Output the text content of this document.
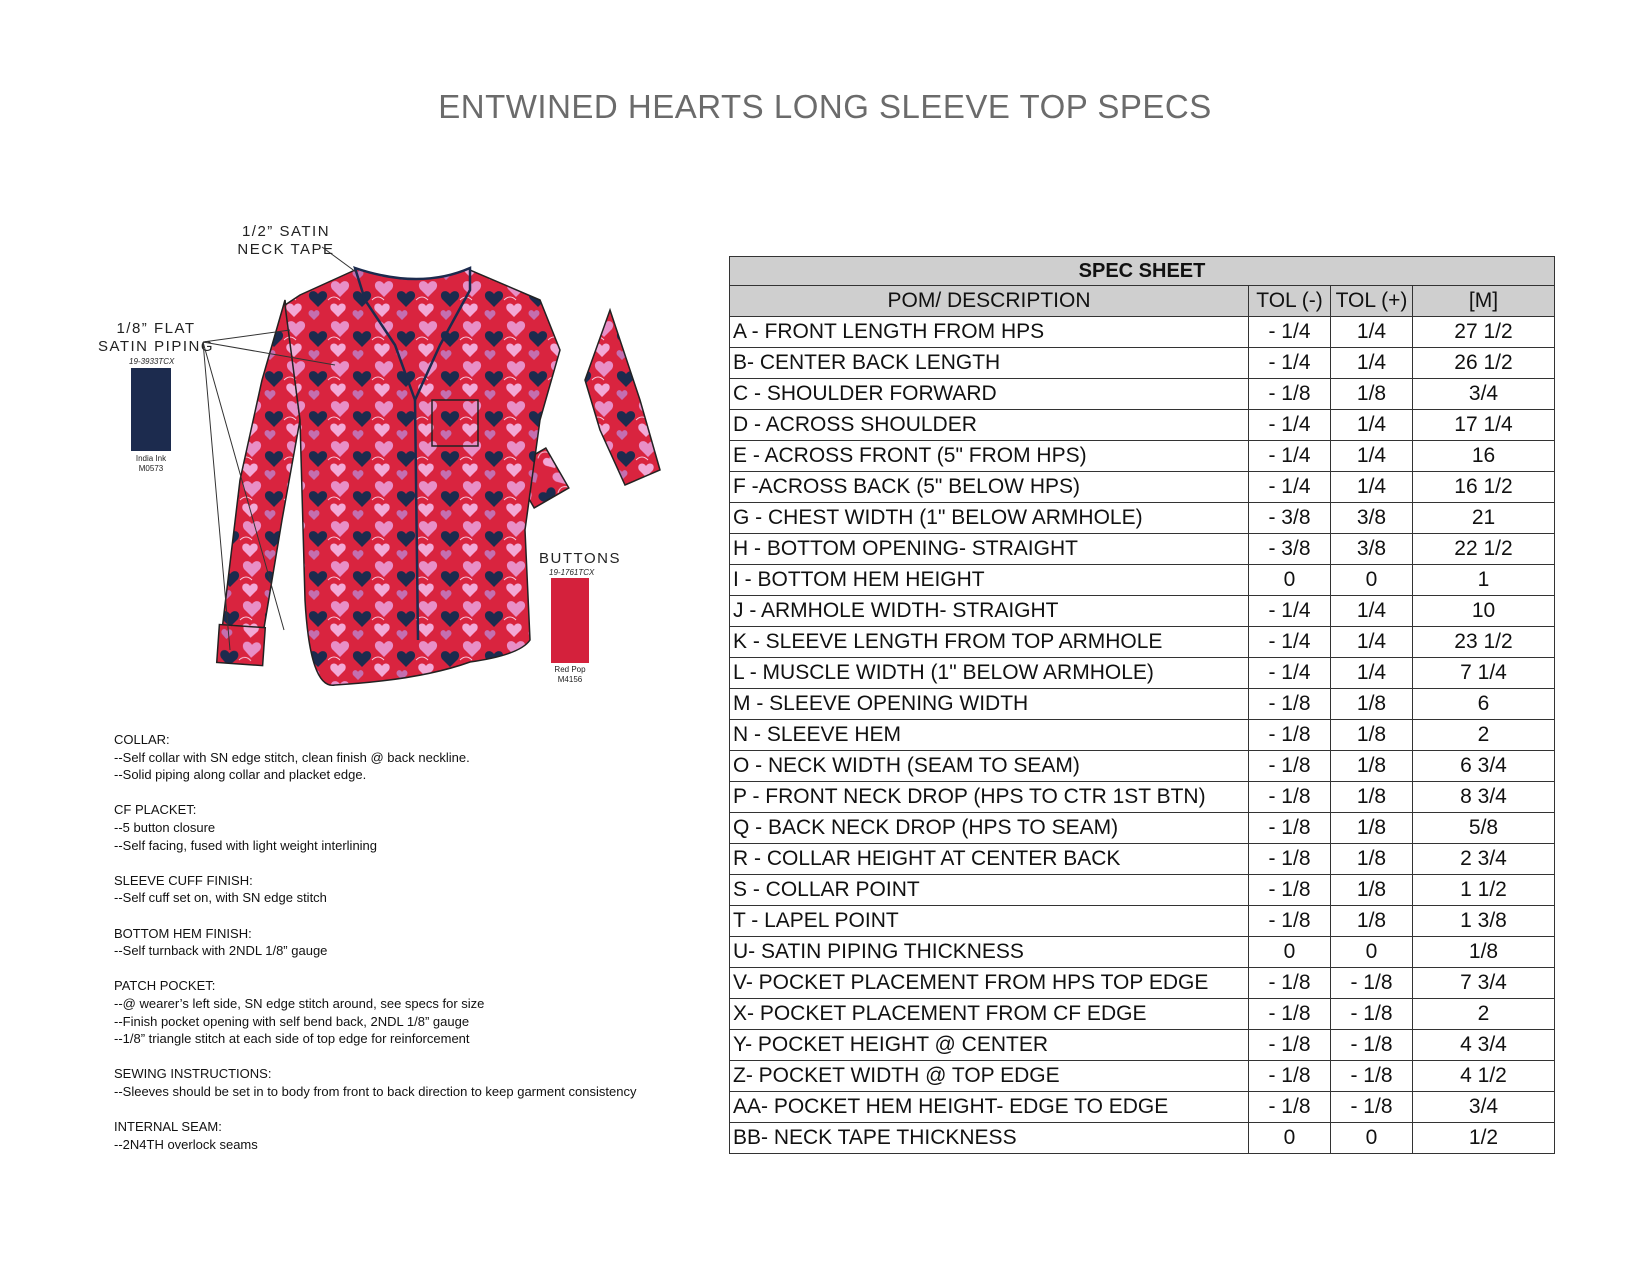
ENTWINED HEARTS LONG SLEEVE TOP SPECS
1/2” SATIN
NECK TAPE
1/8” FLAT
SATIN PIPING
BUTTONS
19-3933TCX
India Ink
M0573
19-1761TCX
Red Pop
M4156
COLLAR:
--Self collar with SN edge stitch, clean finish @ back neckline.
--Solid piping along collar and placket edge.
CF PLACKET:
--5 button closure
--Self facing, fused with light weight interlining
SLEEVE CUFF FINISH:
--Self cuff set on, with SN edge stitch
BOTTOM HEM FINISH:
--Self turnback with 2NDL 1/8” gauge
PATCH POCKET:
--@ wearer’s left side, SN edge stitch around, see specs for size
--Finish pocket opening with self bend back, 2NDL 1/8” gauge
--1/8” triangle stitch at each side of top edge for reinforcement
SEWING INSTRUCTIONS:
--Sleeves should be set in to body from front to back direction to keep garment consistency
INTERNAL SEAM:
--2N4TH overlock seams
SPEC SHEET			
POM/ DESCRIPTION	TOL (-)	TOL (+)	[M]
A - FRONT LENGTH FROM HPS	- 1/4	1/4	27 1/2
B- CENTER BACK LENGTH	- 1/4	1/4	26 1/2
C - SHOULDER FORWARD	- 1/8	1/8	3/4
D - ACROSS SHOULDER	- 1/4	1/4	17 1/4
E - ACROSS FRONT (5" FROM HPS)	- 1/4	1/4	16
F -ACROSS BACK (5" BELOW HPS)	- 1/4	1/4	16 1/2
G - CHEST WIDTH (1" BELOW ARMHOLE)	- 3/8	3/8	21
H - BOTTOM OPENING- STRAIGHT	- 3/8	3/8	22 1/2
I - BOTTOM HEM HEIGHT	0	0	1
J - ARMHOLE WIDTH- STRAIGHT	- 1/4	1/4	10
K - SLEEVE LENGTH FROM TOP ARMHOLE	- 1/4	1/4	23 1/2
L - MUSCLE WIDTH (1" BELOW ARMHOLE)	- 1/4	1/4	7 1/4
M - SLEEVE OPENING WIDTH	- 1/8	1/8	6
N - SLEEVE HEM	- 1/8	1/8	2
O - NECK WIDTH (SEAM TO SEAM)	- 1/8	1/8	6 3/4
P - FRONT NECK DROP (HPS TO CTR 1ST BTN)	- 1/8	1/8	8 3/4
Q - BACK NECK DROP (HPS TO SEAM)	- 1/8	1/8	5/8
R - COLLAR HEIGHT AT CENTER BACK	- 1/8	1/8	2 3/4
S - COLLAR POINT	- 1/8	1/8	1 1/2
T - LAPEL POINT	- 1/8	1/8	1 3/8
U- SATIN PIPING THICKNESS	0	0	1/8
V- POCKET PLACEMENT FROM HPS TOP EDGE	- 1/8	- 1/8	7 3/4
X- POCKET PLACEMENT FROM CF EDGE	- 1/8	- 1/8	2
Y- POCKET HEIGHT @ CENTER	- 1/8	- 1/8	4 3/4
Z- POCKET WIDTH @ TOP EDGE	- 1/8	- 1/8	4 1/2
AA- POCKET HEM HEIGHT- EDGE TO EDGE	- 1/8	- 1/8	3/4
BB- NECK TAPE THICKNESS	0	0	1/2
